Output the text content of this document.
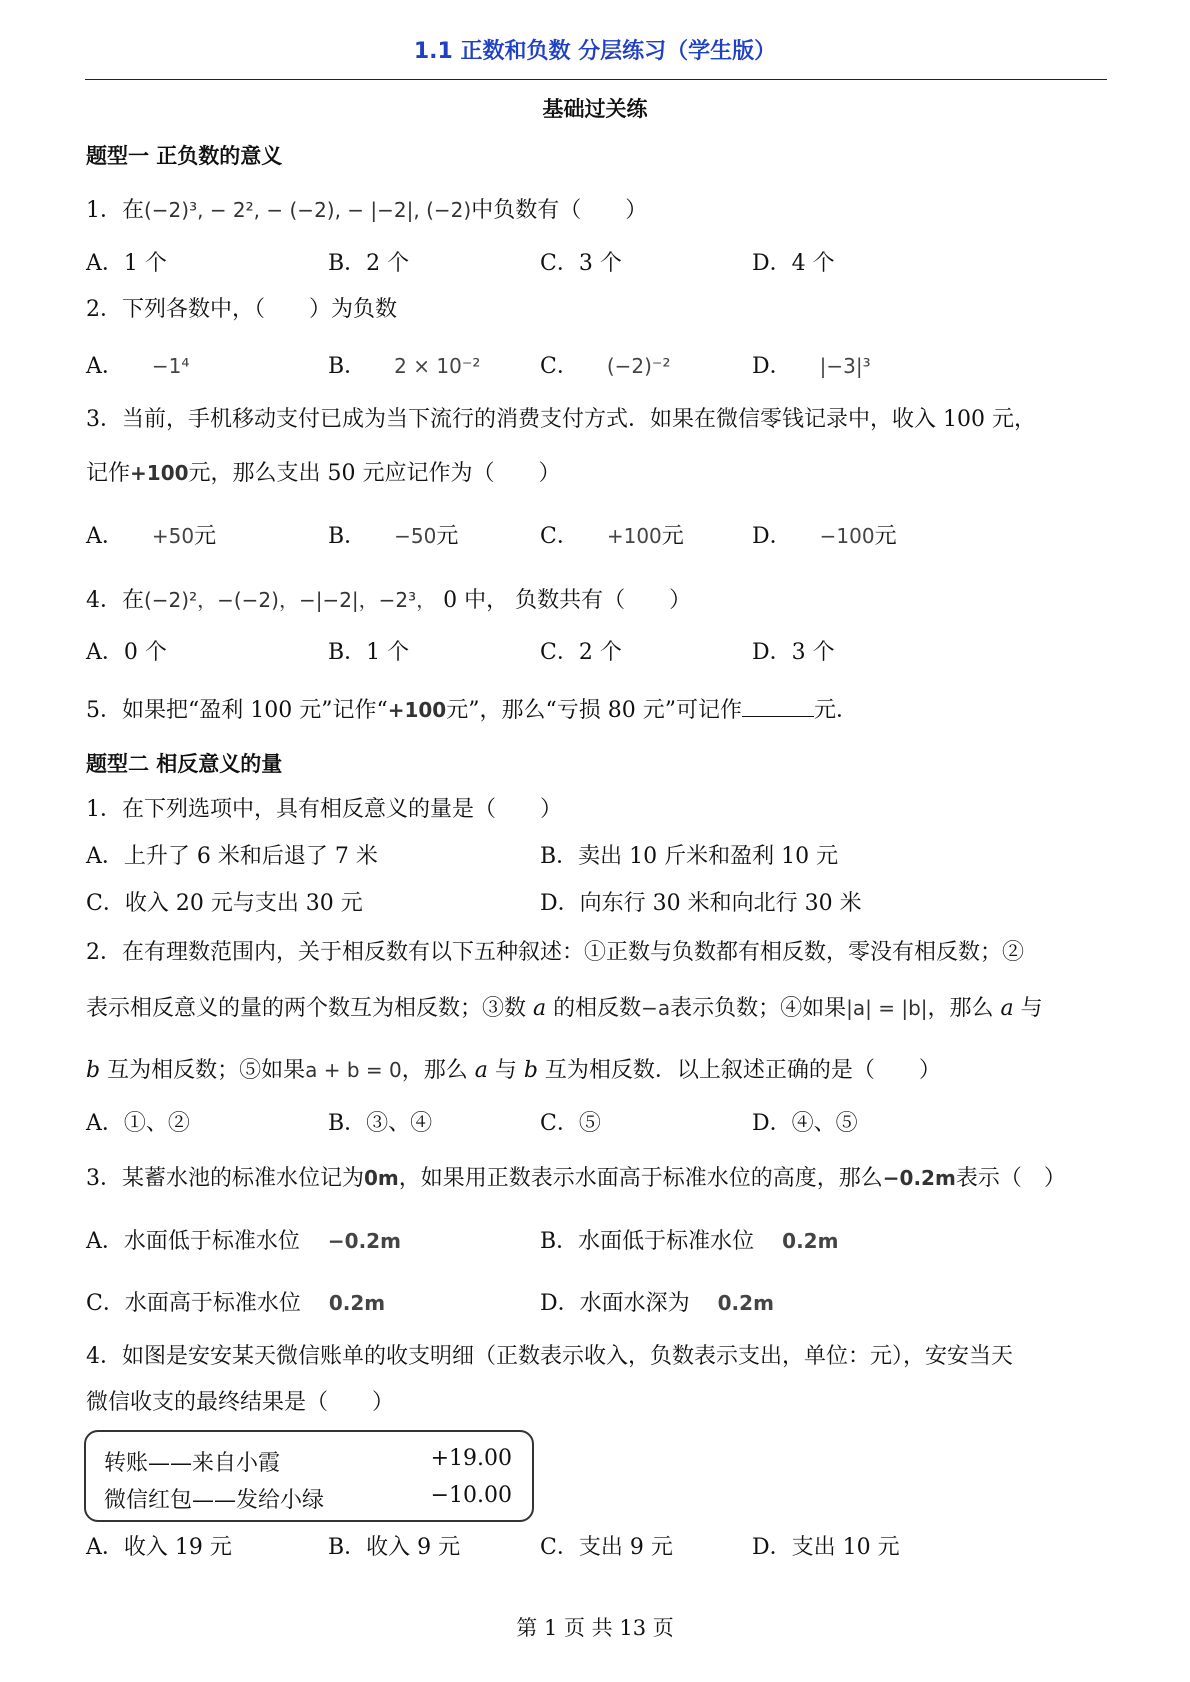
1.1 正数和负数 分层练习（学生版）
基础过关练
题型一 正负数的意义
1．在(−2)³, − 2², − (−2), − |−2|, (−2)中负数有（　　）
A．1 个	B．2 个	C．3 个	D．4 个
2．下列各数中，（　　）为负数
A． −1⁴	B． 2 × 10⁻²	C． (−2)⁻²	D． |−3|³
3．当前，手机移动支付已成为当下流行的消费支付方式．如果在微信零钱记录中，收入 100 元，
记作+100元，那么支出 50 元应记作为（　　）
A． +50元	B． −50元	C． +100元	D． −100元
4．在(−2)²，−(−2)，−|−2|，−2³， 0 中， 负数共有（　　）
A．0 个	B．1 个	C．2 个	D．3 个
5．如果把“盈利 100 元”记作“+100元”，那么“亏损 80 元”可记作	元．
题型二 相反意义的量
1．在下列选项中，具有相反意义的量是（　　）
A．上升了 6 米和后退了 7 米	B．卖出 10 斤米和盈利 10 元
C．收入 20 元与支出 30 元	D．向东行 30 米和向北行 30 米
2．在有理数范围内，关于相反数有以下五种叙述：①正数与负数都有相反数，零没有相反数；②
表示相反意义的量的两个数互为相反数；③数 a 的相反数−a表示负数；④如果|a| = |b|，那么 a 与
b 互为相反数；⑤如果a + b = 0，那么 a 与 b 互为相反数．以上叙述正确的是（　　）
A．①、②	B．③、④	C．⑤	D．④、⑤
3．某蓄水池的标准水位记为0m，如果用正数表示水面高于标准水位的高度，那么−0.2m表示（　）
A．水面低于标准水位 −0.2m	B．水面低于标准水位 0.2m
C．水面高于标准水位 0.2m	D．水面水深为 0.2m
4．如图是安安某天微信账单的收支明细（正数表示收入，负数表示支出，单位：元），安安当天
微信收支的最终结果是（　　）
转账——来自小霞	+19.00
微信红包——发给小绿	−10.00
A．收入 19 元	B．收入 9 元	C．支出 9 元	D．支出 10 元
第 1 页 共 13 页
